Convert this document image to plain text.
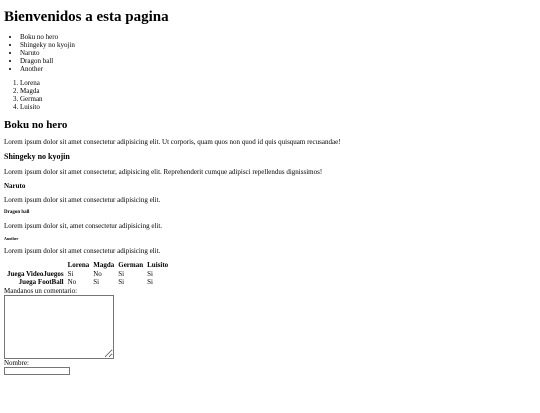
Bienvenidos a esta pagina
• Boku no hero
• Shingeky no kyojin
• Naruto
• Dragon ball
• Another
1. Lorena
2. Magda
3. German
4. Luisito
Boku no hero

Lorem ipsum dolor sit amet consectetur adipisicing elit. Ut corporis, quam quos non quod id quis quisquam recusandae!

Shingeky no kyojin

Lorem ipsum dolor sit amet consectetur, adipisicing elit. Reprehenderit cumque adipisci repellendus dignissimos!

Naruto

Lorem ipsum dolor sit amet consectetur adipisicing elit.

Dragon ball

Lorem ipsum dolor sit, amet consectetur adipisicing elit.

Another

Lorem ipsum dolor sit amet consectetur adipisicing elit.

	Lorena	Magda	German	Luisito
Juega VideoJuegos	Si	No	Si	Si
Juega FootBall	No	Si	Si	Si
Mandanos un comentario:
Nombre:
